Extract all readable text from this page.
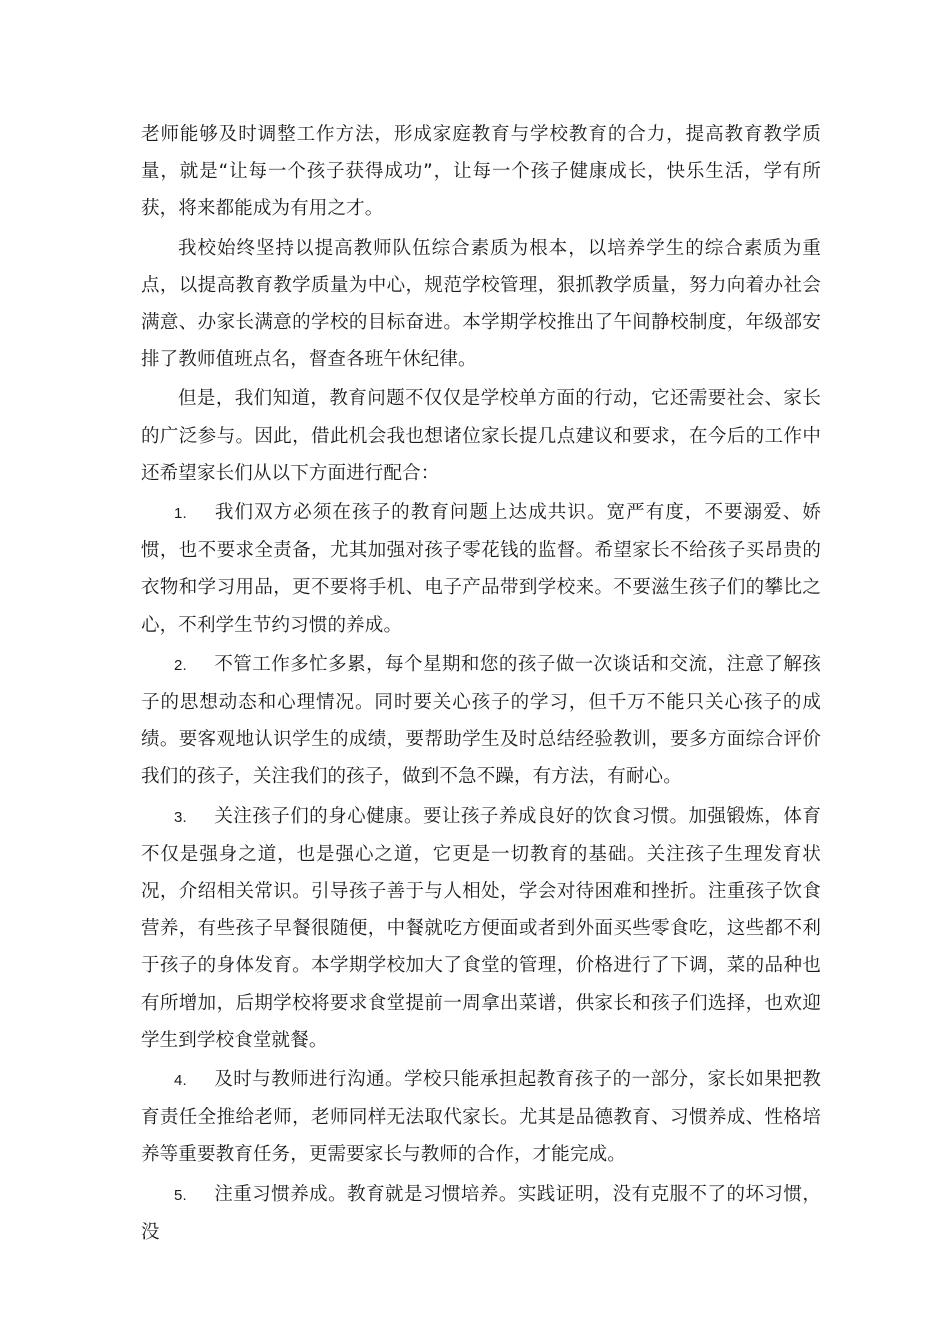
老师能够及时调整工作方法，形成家庭教育与学校教育的合力，提高教育教学质量，就是“让每一个孩子获得成功”，让每一个孩子健康成长，快乐生活，学有所获，将来都能成为有用之才。

我校始终坚持以提高教师队伍综合素质为根本，以培养学生的综合素质为重点，以提高教育教学质量为中心，规范学校管理，狠抓教学质量，努力向着办社会满意、办家长满意的学校的目标奋进。本学期学校推出了午间静校制度，年级部安排了教师值班点名，督查各班午休纪律。

但是，我们知道，教育问题不仅仅是学校单方面的行动，它还需要社会、家长的广泛参与。因此，借此机会我也想诸位家长提几点建议和要求，在今后的工作中还希望家长们从以下方面进行配合：

1. 我们双方必须在孩子的教育问题上达成共识。宽严有度，不要溺爱、娇惯，也不要求全责备，尤其加强对孩子零花钱的监督。希望家长不给孩子买昂贵的衣物和学习用品，更不要将手机、电子产品带到学校来。不要滋生孩子们的攀比之心，不利学生节约习惯的养成。

2. 不管工作多忙多累，每个星期和您的孩子做一次谈话和交流，注意了解孩子的思想动态和心理情况。同时要关心孩子的学习，但千万不能只关心孩子的成绩。要客观地认识学生的成绩，要帮助学生及时总结经验教训，要多方面综合评价我们的孩子，关注我们的孩子，做到不急不躁，有方法，有耐心。

3. 关注孩子们的身心健康。要让孩子养成良好的饮食习惯。加强锻炼，体育不仅是强身之道，也是强心之道，它更是一切教育的基础。关注孩子生理发育状况，介绍相关常识。引导孩子善于与人相处，学会对待困难和挫折。注重孩子饮食营养，有些孩子早餐很随便，中餐就吃方便面或者到外面买些零食吃，这些都不利于孩子的身体发育。本学期学校加大了食堂的管理，价格进行了下调，菜的品种也有所增加，后期学校将要求食堂提前一周拿出菜谱，供家长和孩子们选择，也欢迎学生到学校食堂就餐。

4. 及时与教师进行沟通。学校只能承担起教育孩子的一部分，家长如果把教育责任全推给老师，老师同样无法取代家长。尤其是品德教育、习惯养成、性格培养等重要教育任务，更需要家长与教师的合作，才能完成。

5. 注重习惯养成。教育就是习惯培养。实践证明，没有克服不了的坏习惯，没
